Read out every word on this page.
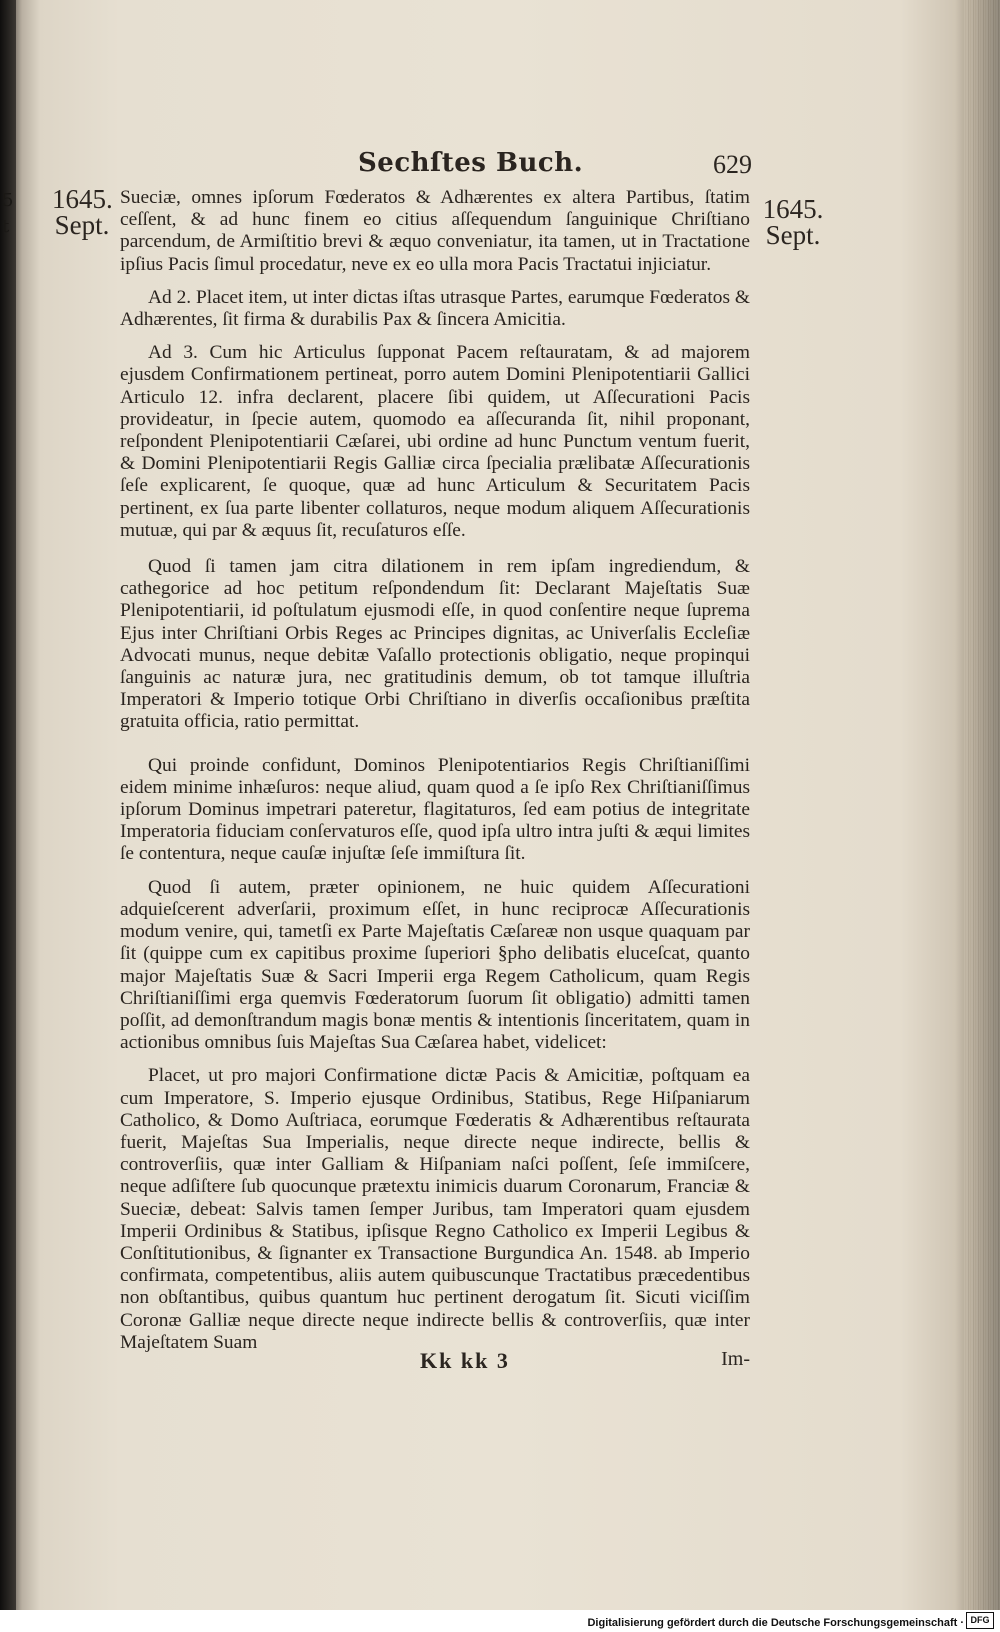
5
t
Sechſtes Buch.	629
1645.
Sept.
1645.
Sept.

Sueciæ, omnes ipſorum Fœderatos & Adhærentes ex altera Partibus, ſtatim ceſſent, & ad hunc finem eo citius aſſequendum ſanguinique Chriſtiano parcendum, de Armiſtitio brevi & æquo conveniatur, ita tamen, ut in Tractatione ipſius Pacis ſimul procedatur, neve ex eo ulla mora Pacis Tractatui injiciatur.

Ad 2. Placet item, ut inter dictas iſtas utrasque Partes, earumque Fœderatos & Adhærentes, ſit firma & durabilis Pax & ſincera Amicitia.

Ad 3. Cum hic Articulus ſupponat Pacem reſtauratam, & ad majorem ejusdem Confirmationem pertineat, porro autem Domini Plenipotentiarii Gallici Articulo 12. infra declarent, placere ſibi quidem, ut Aſſecurationi Pacis provideatur, in ſpecie autem, quomodo ea aſſecuranda ſit, nihil proponant, reſpondent Plenipotentiarii Cæſarei, ubi ordine ad hunc Punctum ventum fuerit, & Domini Plenipotentiarii Regis Galliæ circa ſpecialia prælibatæ Aſſecurationis ſeſe explicarent, ſe quoque, quæ ad hunc Articulum & Securitatem Pacis pertinent, ex ſua parte libenter collaturos, neque modum aliquem Aſſecurationis mutuæ, qui par & æquus ſit, recuſaturos eſſe.

Quod ſi tamen jam citra dilationem in rem ipſam ingrediendum, & cathegorice ad hoc petitum reſpondendum ſit: Declarant Majeſtatis Suæ Plenipotentiarii, id poſtulatum ejusmodi eſſe, in quod conſentire neque ſuprema Ejus inter Chriſtiani Orbis Reges ac Principes dignitas, ac Univerſalis Eccleſiæ Advocati munus, neque debitæ Vaſallo protectionis obligatio, neque propinqui ſanguinis ac naturæ jura, nec gratitudinis demum, ob tot tamque illuſtria Imperatori & Imperio totique Orbi Chriſtiano in diverſis occaſionibus præſtita gratuita officia, ratio permittat.

Qui proinde confidunt, Dominos Plenipotentiarios Regis Chriſtianiſſimi eidem minime inhæſuros: neque aliud, quam quod a ſe ipſo Rex Chriſtianiſſimus ipſorum Dominus impetrari pateretur, flagitaturos, ſed eam potius de integritate Imperatoria fiduciam conſervaturos eſſe, quod ipſa ultro intra juſti & æqui limites ſe contentura, neque cauſæ injuſtæ ſeſe immiſtura ſit.

Quod ſi autem, præter opinionem, ne huic quidem Aſſecurationi adquieſcerent adverſarii, proximum eſſet, in hunc reciprocæ Aſſecurationis modum venire, qui, tametſi ex Parte Majeſtatis Cæſareæ non usque quaquam par ſit (quippe cum ex capitibus proxime ſuperiori §pho delibatis eluceſcat, quanto major Majeſtatis Suæ & Sacri Imperii erga Regem Catholicum, quam Regis Chriſtianiſſimi erga quemvis Fœderatorum ſuorum ſit obligatio) admitti tamen poſſit, ad demonſtrandum magis bonæ mentis & intentionis ſinceritatem, quam in actionibus omnibus ſuis Majeſtas Sua Cæſarea habet, videlicet:

Placet, ut pro majori Confirmatione dictæ Pacis & Amicitiæ, poſtquam ea cum Imperatore, S. Imperio ejusque Ordinibus, Statibus, Rege Hiſpaniarum Catholico, & Domo Auſtriaca, eorumque Fœderatis & Adhærentibus reſtaurata fuerit, Majeſtas Sua Imperialis, neque directe neque indirecte, bellis & controverſiis, quæ inter Galliam & Hiſpaniam naſci poſſent, ſeſe immiſcere, neque adſiſtere ſub quocunque prætextu inimicis duarum Coronarum, Franciæ & Sueciæ, debeat: Salvis tamen ſemper Juribus, tam Imperatori quam ejusdem Imperii Ordinibus & Statibus, ipſisque Regno Catholico ex Imperii Legibus & Conſtitutionibus, & ſignanter ex Transactione Burgundica An. 1548. ab Imperio confirmata, competentibus, aliis autem quibuscunque Tractatibus præcedentibus non obſtantibus, quibus quantum huc pertinent derogatum ſit. Sicuti viciſſim Coronæ Galliæ neque directe neque indirecte bellis & controverſiis, quæ inter Majeſtatem Suam

Kk kk 3	Im-
Digitalisierung gefördert durch die Deutsche Forschungsgemeinschaft · DFG
